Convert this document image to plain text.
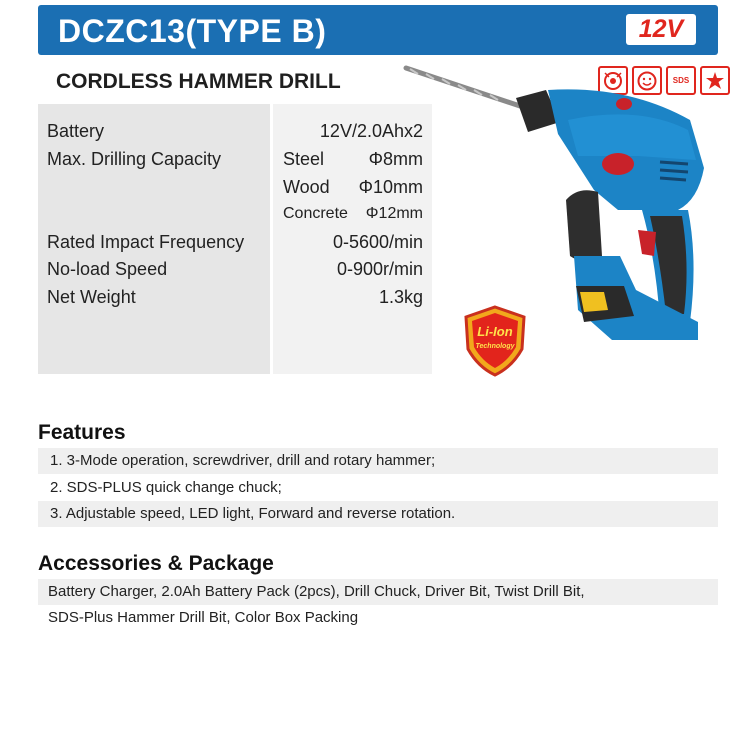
DCZC13(TYPE B)	12V
CORDLESS HAMMER DRILL	SDS
Battery	12V/2.0Ahx2
Max. Drilling Capacity	Steel Φ8mm
Wood Φ10mm
Concrete Φ12mm
Rated Impact Frequency	0-5600/min
No-load Speed	0-900r/min
Net Weight	1.3kg
Li-Ion
Technology
Features
1. 3-Mode operation, screwdriver, drill and rotary hammer;
2. SDS-PLUS quick change chuck;
3. Adjustable speed, LED light, Forward and reverse rotation.
Accessories & Package
Battery Charger, 2.0Ah Battery Pack (2pcs), Drill Chuck, Driver Bit, Twist Drill Bit,
SDS-Plus Hammer Drill Bit, Color Box Packing
